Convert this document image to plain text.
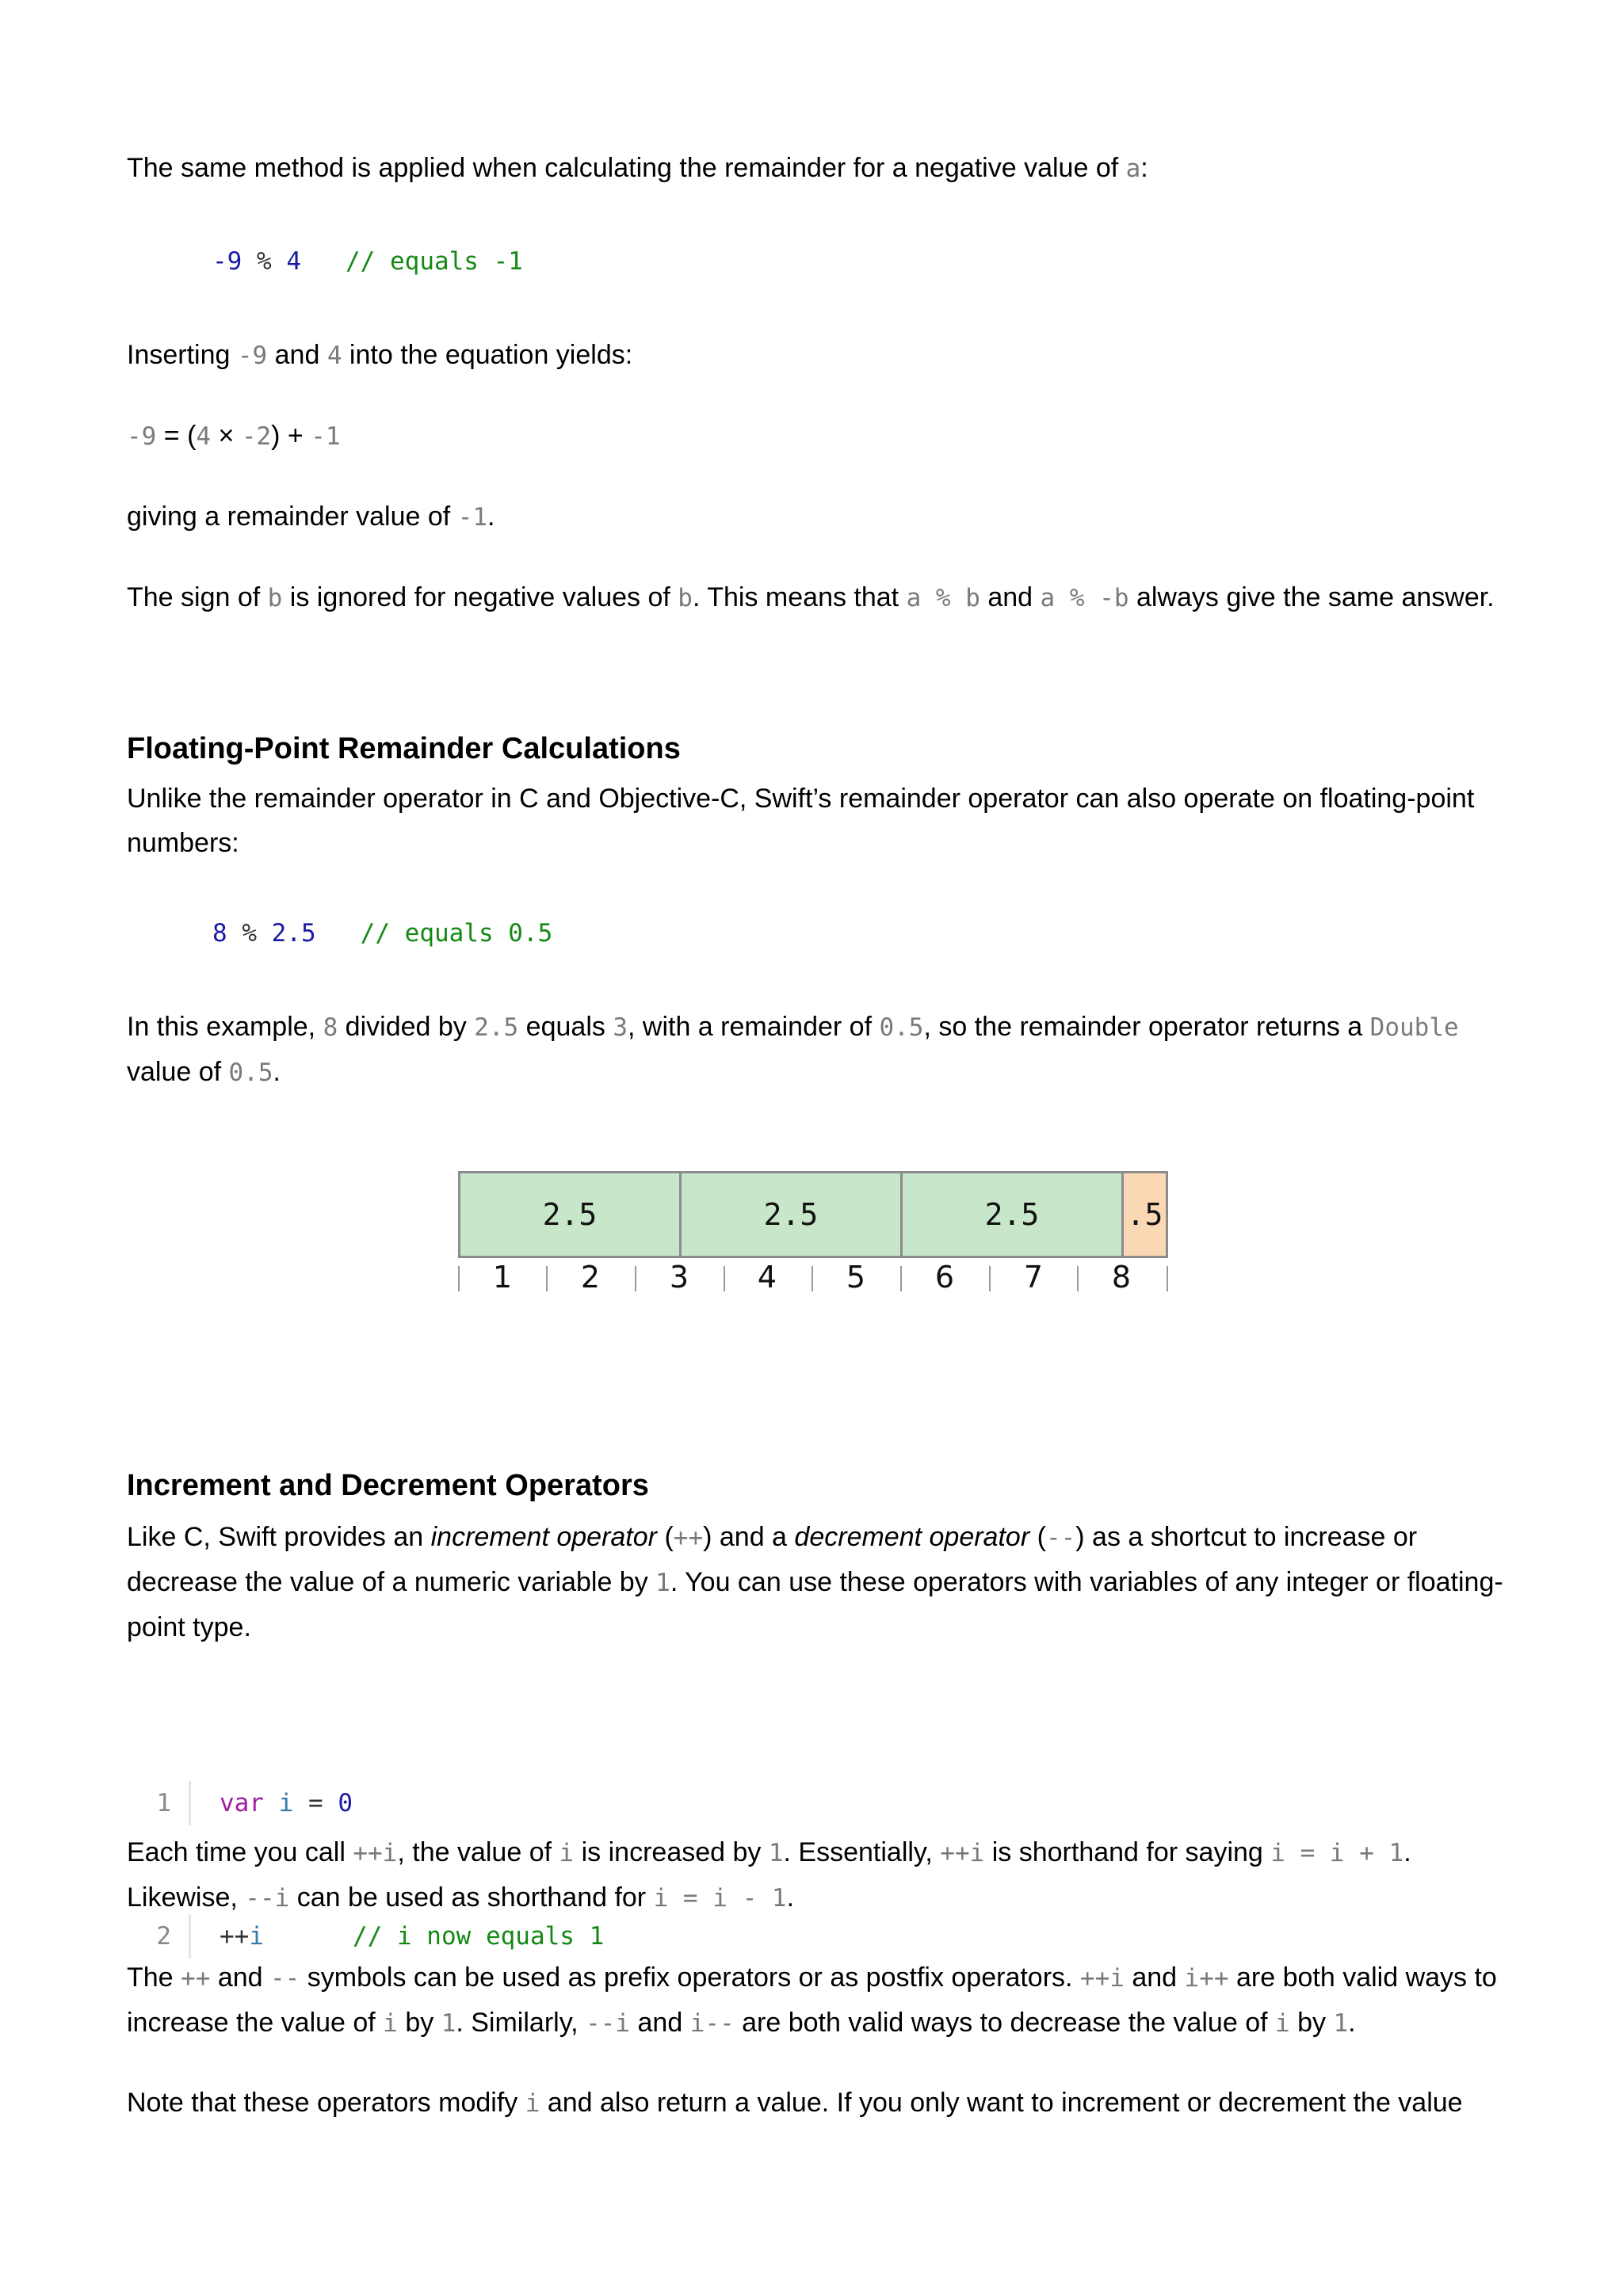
The same method is applied when calculating the remainder for a negative value of a:

-9 % 4 // equals -1

Inserting -9 and 4 into the equation yields:

-9 = (4 × -2) + -1

giving a remainder value of -1.

The sign of b is ignored for negative values of b. This means that a % b and a % -b always give the same answer.

Floating-Point Remainder Calculations

Unlike the remainder operator in C and Objective-C, Swift’s remainder operator can also operate on floating-point numbers:

8 % 2.5 // equals 0.5

In this example, 8 divided by 2.5 equals 3, with a remainder of 0.5, so the remainder operator returns a Double value of 0.5.

2.5	2.5	2.5	.5
1	2	3	4	5	6	7	8
Increment and Decrement Operators

Like C, Swift provides an increment operator (++) and a decrement operator (--) as a shortcut to increase or decrease the value of a numeric variable by 1. You can use these operators with variables of any integer or floating-point type.

1 var i = 0

2 ++i	// i now equals 1

Each time you call ++i, the value of i is increased by 1. Essentially, ++i is shorthand for saying i = i + 1. Likewise, --i can be used as shorthand for i = i - 1.

The ++ and -- symbols can be used as prefix operators or as postfix operators. ++i and i++ are both valid ways to increase the value of i by 1. Similarly, --i and i-- are both valid ways to decrease the value of i by 1.

Note that these operators modify i and also return a value. If you only want to increment or decrement the value
